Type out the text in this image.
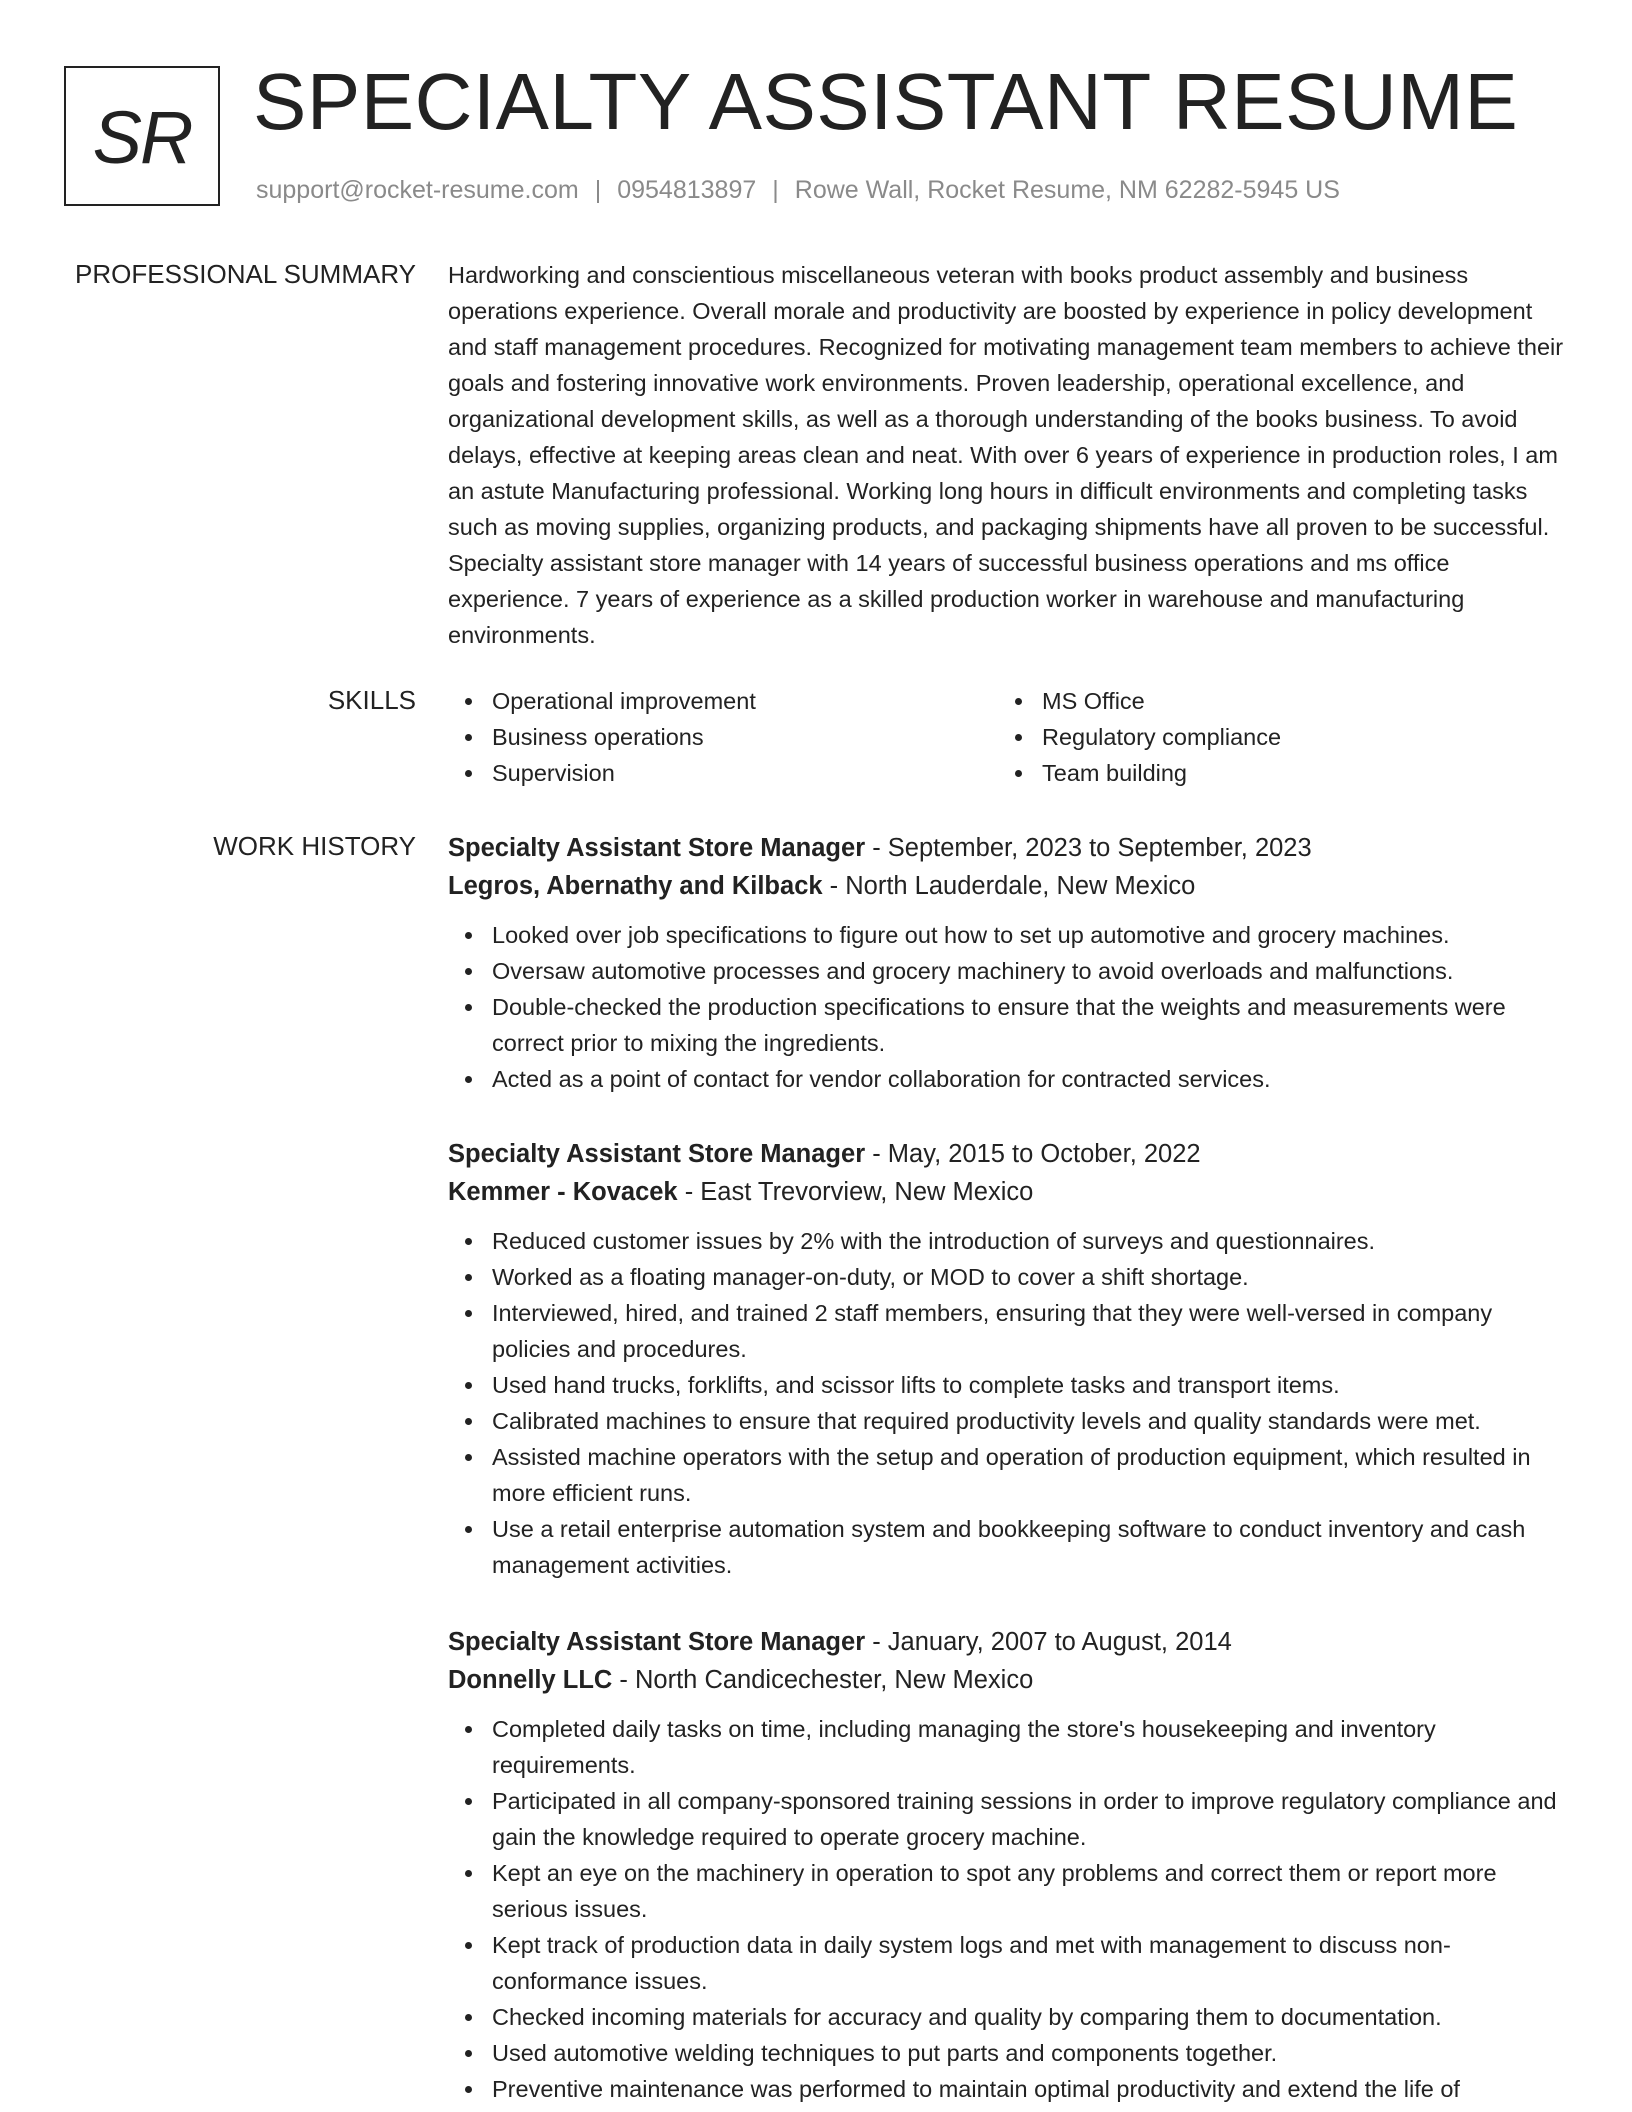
SR SPECIALTY ASSISTANT RESUME
support@rocket-resume.com | 0954813897 | Rowe Wall, Rocket Resume, NM 62282-5945 US
PROFESSIONAL SUMMARY Hardworking and conscientious miscellaneous veteran with books product assembly and business operations experience. Overall morale and productivity are boosted by experience in policy development and staff management procedures. Recognized for motivating management team members to achieve their goals and fostering innovative work environments. Proven leadership, operational excellence, and organizational development skills, as well as a thorough understanding of the books business. To avoid delays, effective at keeping areas clean and neat. With over 6 years of experience in production roles, I am an astute Manufacturing professional. Working long hours in difficult environments and completing tasks such as moving supplies, organizing products, and packaging shipments have all proven to be successful. Specialty assistant store manager with 14 years of successful business operations and ms office experience. 7 years of experience as a skilled production worker in warehouse and manufacturing environments.

SKILLS	Operational improvement
Business operations
Supervision
MS Office
Regulatory compliance
Team building
WORK HISTORY Specialty Assistant Store Manager - September, 2023 to September, 2023

Legros, Abernathy and Kilback - North Lauderdale, New Mexico

Looked over job specifications to figure out how to set up automotive and grocery machines.
Oversaw automotive processes and grocery machinery to avoid overloads and malfunctions.
Double-checked the production specifications to ensure that the weights and measurements were correct prior to mixing the ingredients.
Acted as a point of contact for vendor collaboration for contracted services.

Specialty Assistant Store Manager - May, 2015 to October, 2022

Kemmer - Kovacek - East Trevorview, New Mexico

Reduced customer issues by 2% with the introduction of surveys and questionnaires.
Worked as a floating manager-on-duty, or MOD to cover a shift shortage.
Interviewed, hired, and trained 2 staff members, ensuring that they were well-versed in company policies and procedures.
Used hand trucks, forklifts, and scissor lifts to complete tasks and transport items.
Calibrated machines to ensure that required productivity levels and quality standards were met.
Assisted machine operators with the setup and operation of production equipment, which resulted in more efficient runs.
Use a retail enterprise automation system and bookkeeping software to conduct inventory and cash management activities.

Specialty Assistant Store Manager - January, 2007 to August, 2014

Donnelly LLC - North Candicechester, New Mexico

Completed daily tasks on time, including managing the store's housekeeping and inventory requirements.
Participated in all company-sponsored training sessions in order to improve regulatory compliance and gain the knowledge required to operate grocery machine.
Kept an eye on the machinery in operation to spot any problems and correct them or report more serious issues.
Kept track of production data in daily system logs and met with management to discuss non-conformance issues.
Checked incoming materials for accuracy and quality by comparing them to documentation.
Used automotive welding techniques to put parts and components together.
Preventive maintenance was performed to maintain optimal productivity and extend the life of
